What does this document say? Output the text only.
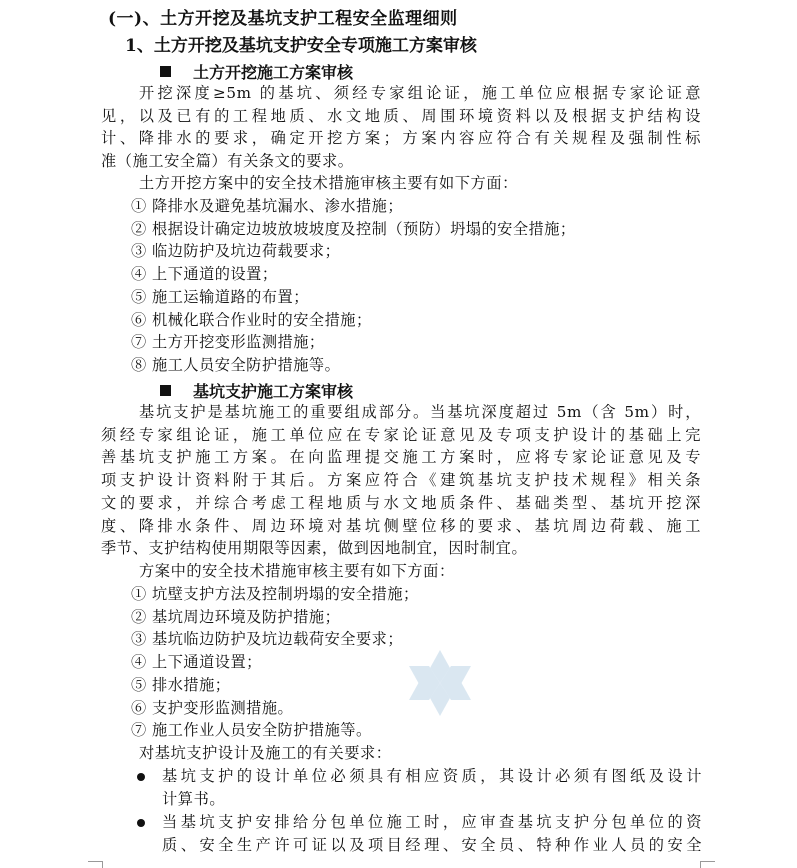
(一)、土方开挖及基坑支护工程安全监理细则
1、土方开挖及基坑支护安全专项施工方案审核
土方开挖施工方案审核

开挖深度≥5m 的基坑、须经专家组论证，施工单位应根据专家论证意

见，以及已有的工程地质、水文地质、周围环境资料以及根据支护结构设

计、降排水的要求，确定开挖方案；方案内容应符合有关规程及强制性标

准（施工安全篇）有关条文的要求。

土方开挖方案中的安全技术措施审核主要有如下方面：
① 降排水及避免基坑漏水、渗水措施；
② 根据设计确定边坡放坡坡度及控制（预防）坍塌的安全措施；
③ 临边防护及坑边荷载要求；
④ 上下通道的设置；
⑤ 施工运输道路的布置；
⑥ 机械化联合作业时的安全措施；
⑦ 土方开挖变形监测措施；
⑧ 施工人员安全防护措施等。
基坑支护施工方案审核

基坑支护是基坑施工的重要组成部分。当基坑深度超过 5m（含 5m）时，

须经专家组论证，施工单位应在专家论证意见及专项支护设计的基础上完

善基坑支护施工方案。在向监理提交施工方案时，应将专家论证意见及专

项支护设计资料附于其后。方案应符合《建筑基坑支护技术规程》相关条

文的要求，并综合考虑工程地质与水文地质条件、基础类型、基坑开挖深

度、降排水条件、周边环境对基坑侧壁位移的要求、基坑周边荷载、施工

季节、支护结构使用期限等因素，做到因地制宜，因时制宜。

方案中的安全技术措施审核主要有如下方面：
① 坑壁支护方法及控制坍塌的安全措施；
② 基坑周边环境及防护措施；
③ 基坑临边防护及坑边载荷安全要求；
④ 上下通道设置；
⑤ 排水措施；
⑥ 支护变形监测措施。
⑦ 施工作业人员安全防护措施等。
对基坑支护设计及施工的有关要求：
基坑支护的设计单位必须具有相应资质，其设计必须有图纸及设计
计算书。
当基坑支护安排给分包单位施工时，应审查基坑支护分包单位的资
质、安全生产许可证以及项目经理、安全员、特种作业人员的安全
